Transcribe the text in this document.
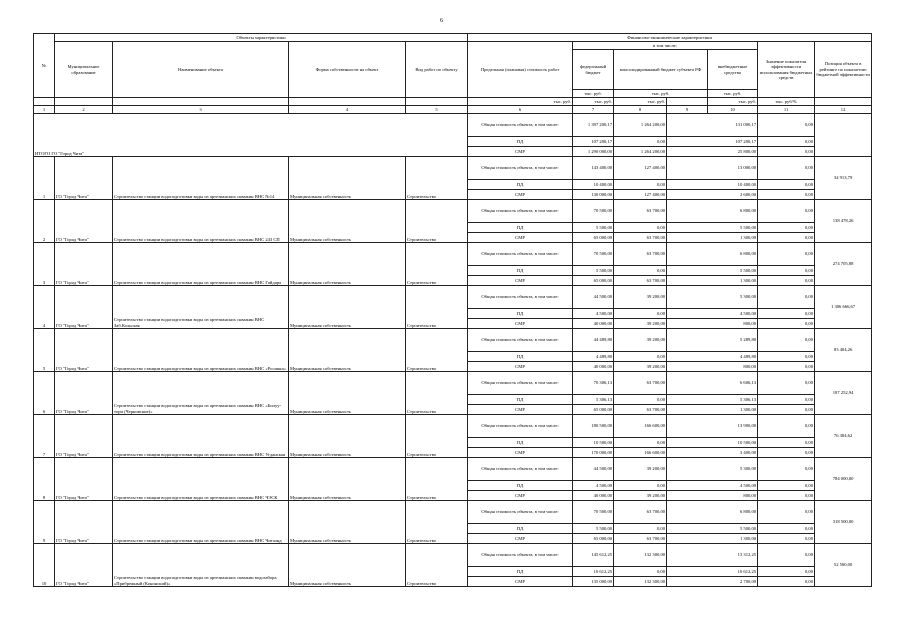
6
№	Объекты характеристики				Финансово-экономические характеристики							
	Муниципальное образование	Наименование объекта	Форма собственности на объект	Вид работ по объекту	Предельная (плановая) стоимость работ	в том числе:				Значение показателя эффективности использования бюджетных средств	Позиция объекта в рейтинге по показателю бюджетной эффективности	
						федеральный бюджет	консолидированный бюджет субъекта РФ		внебюджетные средства			
						тыс. руб.	тыс. руб.		тыс. руб.			
					тыс. руб.	тыс. руб.	тыс. руб.		тыс. руб.	тыс. руб/%		
1	2	3	4	5	6	7	8	9	10	11	12	
ИТОГО ГО "Город Чита"					Общая стоимость объекта, в том числе:	1 397 200,17	1 264 200,00	131 000,17		0,00		
					ПД	107 200,17	0,00	107 200,17		0,00		
					СМР	1 290 000,00	1 264 200,00	25 800,00		0,00		
1	ГО "Город Чита"	Строительство станции водоподготовки воды из артезианских скважин ВНС №14	Муниципальная собственность	Строительство	Общая стоимость объекта, в том числе:	143 400,00	127 400,00	13 000,00		0,00	34 913,79	
					ПД	10 400,00	0,00	10 400,00		0,00		
					СМР	130 000,00	127 400,00	2 600,00		0,00		
2	ГО "Город Чита"	Строительство станции водоподготовки воды из артезианских скважин ВНС 243 СП	Муниципальная собственность	Строительство	Общая стоимость объекта, в том числе:	70 500,00	63 700,00	6 800,00		0,00	138 478,26	
					ПД	5 500,00	0,00	5 500,00		0,00		
					СМР	65 000,00	63 700,00	1 300,00		0,00		
3	ГО "Город Чита"	Строительство станции водоподготовки воды из артезианских скважин ВНС Гайдара	Муниципальная собственность	Строительство	Общая стоимость объекта, в том числе:	70 500,00	63 700,00	6 800,00		0,00	274 705,88	
					ПД	5 500,00	0,00	5 500,00		0,00		
					СМР	65 000,00	63 700,00	1 300,00		0,00		
4	ГО "Город Чита"	Строительство станции водоподготовки воды из артезианских скважин ВНС Заб.Кольская	Муниципальная собственность	Строительство	Общая стоимость объекта, в том числе:	44 500,00	39 200,00	5 300,00		0,00	1 306 666,67	
					ПД	4 500,00	0,00	4 500,00		0,00		
					СМР	40 000,00	39 200,00	800,00		0,00		
5	ГО "Город Чита"	Строительство станции водоподготовки воды из артезианских скважин ВНС «Росинка»	Муниципальная собственность	Строительство	Общая стоимость объекта, в том числе:	44 489,80	39 200,00	5 289,80		0,00	83 404,26	
					ПД	4 489,80	0,00	4 489,80		0,00		
					СМР	40 000,00	39 200,00	800,00		0,00		
6	ГО "Город Чита"	Строительство станции водоподготовки воды из артезианских скважин ВНС «Билуу-тори (Черновские)»	Муниципальная собственность	Строительство	Общая стоимость объекта, в том числе:	70 306,13	63 700,00	6 606,13		0,00	187 252,94	
					ПД	5 306,13	0,00	5 306,13		0,00		
					СМР	65 000,00	63 700,00	1 300,00		0,00		
7	ГО "Город Чита"	Строительство станции водоподготовки воды из артезианских скважин ВНС Угданская	Муниципальная собственность	Строительство	Общая стоимость объекта, в том числе:	180 500,00	166 600,00	13 900,00		0,00	76 384,62	
					ПД	10 500,00	0,00	10 500,00		0,00		
					СМР	170 000,00	166 600,00	3 400,00		0,00		
8	ГО "Город Чита"	Строительство станции водоподготовки воды из артезианских скважин ВНС ЧЭСК	Муниципальная собственность	Строительство	Общая стоимость объекта, в том числе:	44 500,00	39 200,00	5 300,00		0,00	784 000,00	
					ПД	4 500,00	0,00	4 500,00		0,00		
					СМР	40 000,00	39 200,00	800,00		0,00		
9	ГО "Город Чита"	Строительство станции водоподготовки воды из артезианских скважин ВНС Читаэнд	Муниципальная собственность	Строительство	Общая стоимость объекта, в том числе:	70 500,00	63 700,00	6 800,00		0,00	318 500,00	
					ПД	5 500,00	0,00	5 500,00		0,00		
					СМР	65 000,00	63 700,00	1 300,00		0,00		
10	ГО "Город Чита"	Строительство станции водоподготовки воды из артезианских скважин водозабора «Прибрежный (Кононский)»	Муниципальная собственность	Строительство	Общая стоимость объекта, в том числе:	145 612,25	132 300,00	13 312,25		0,00	52 500,00	
					ПД	10 612,25	0,00	10 612,25		0,00		
					СМР	135 000,00	132 300,00	2 700,00		0,00		
